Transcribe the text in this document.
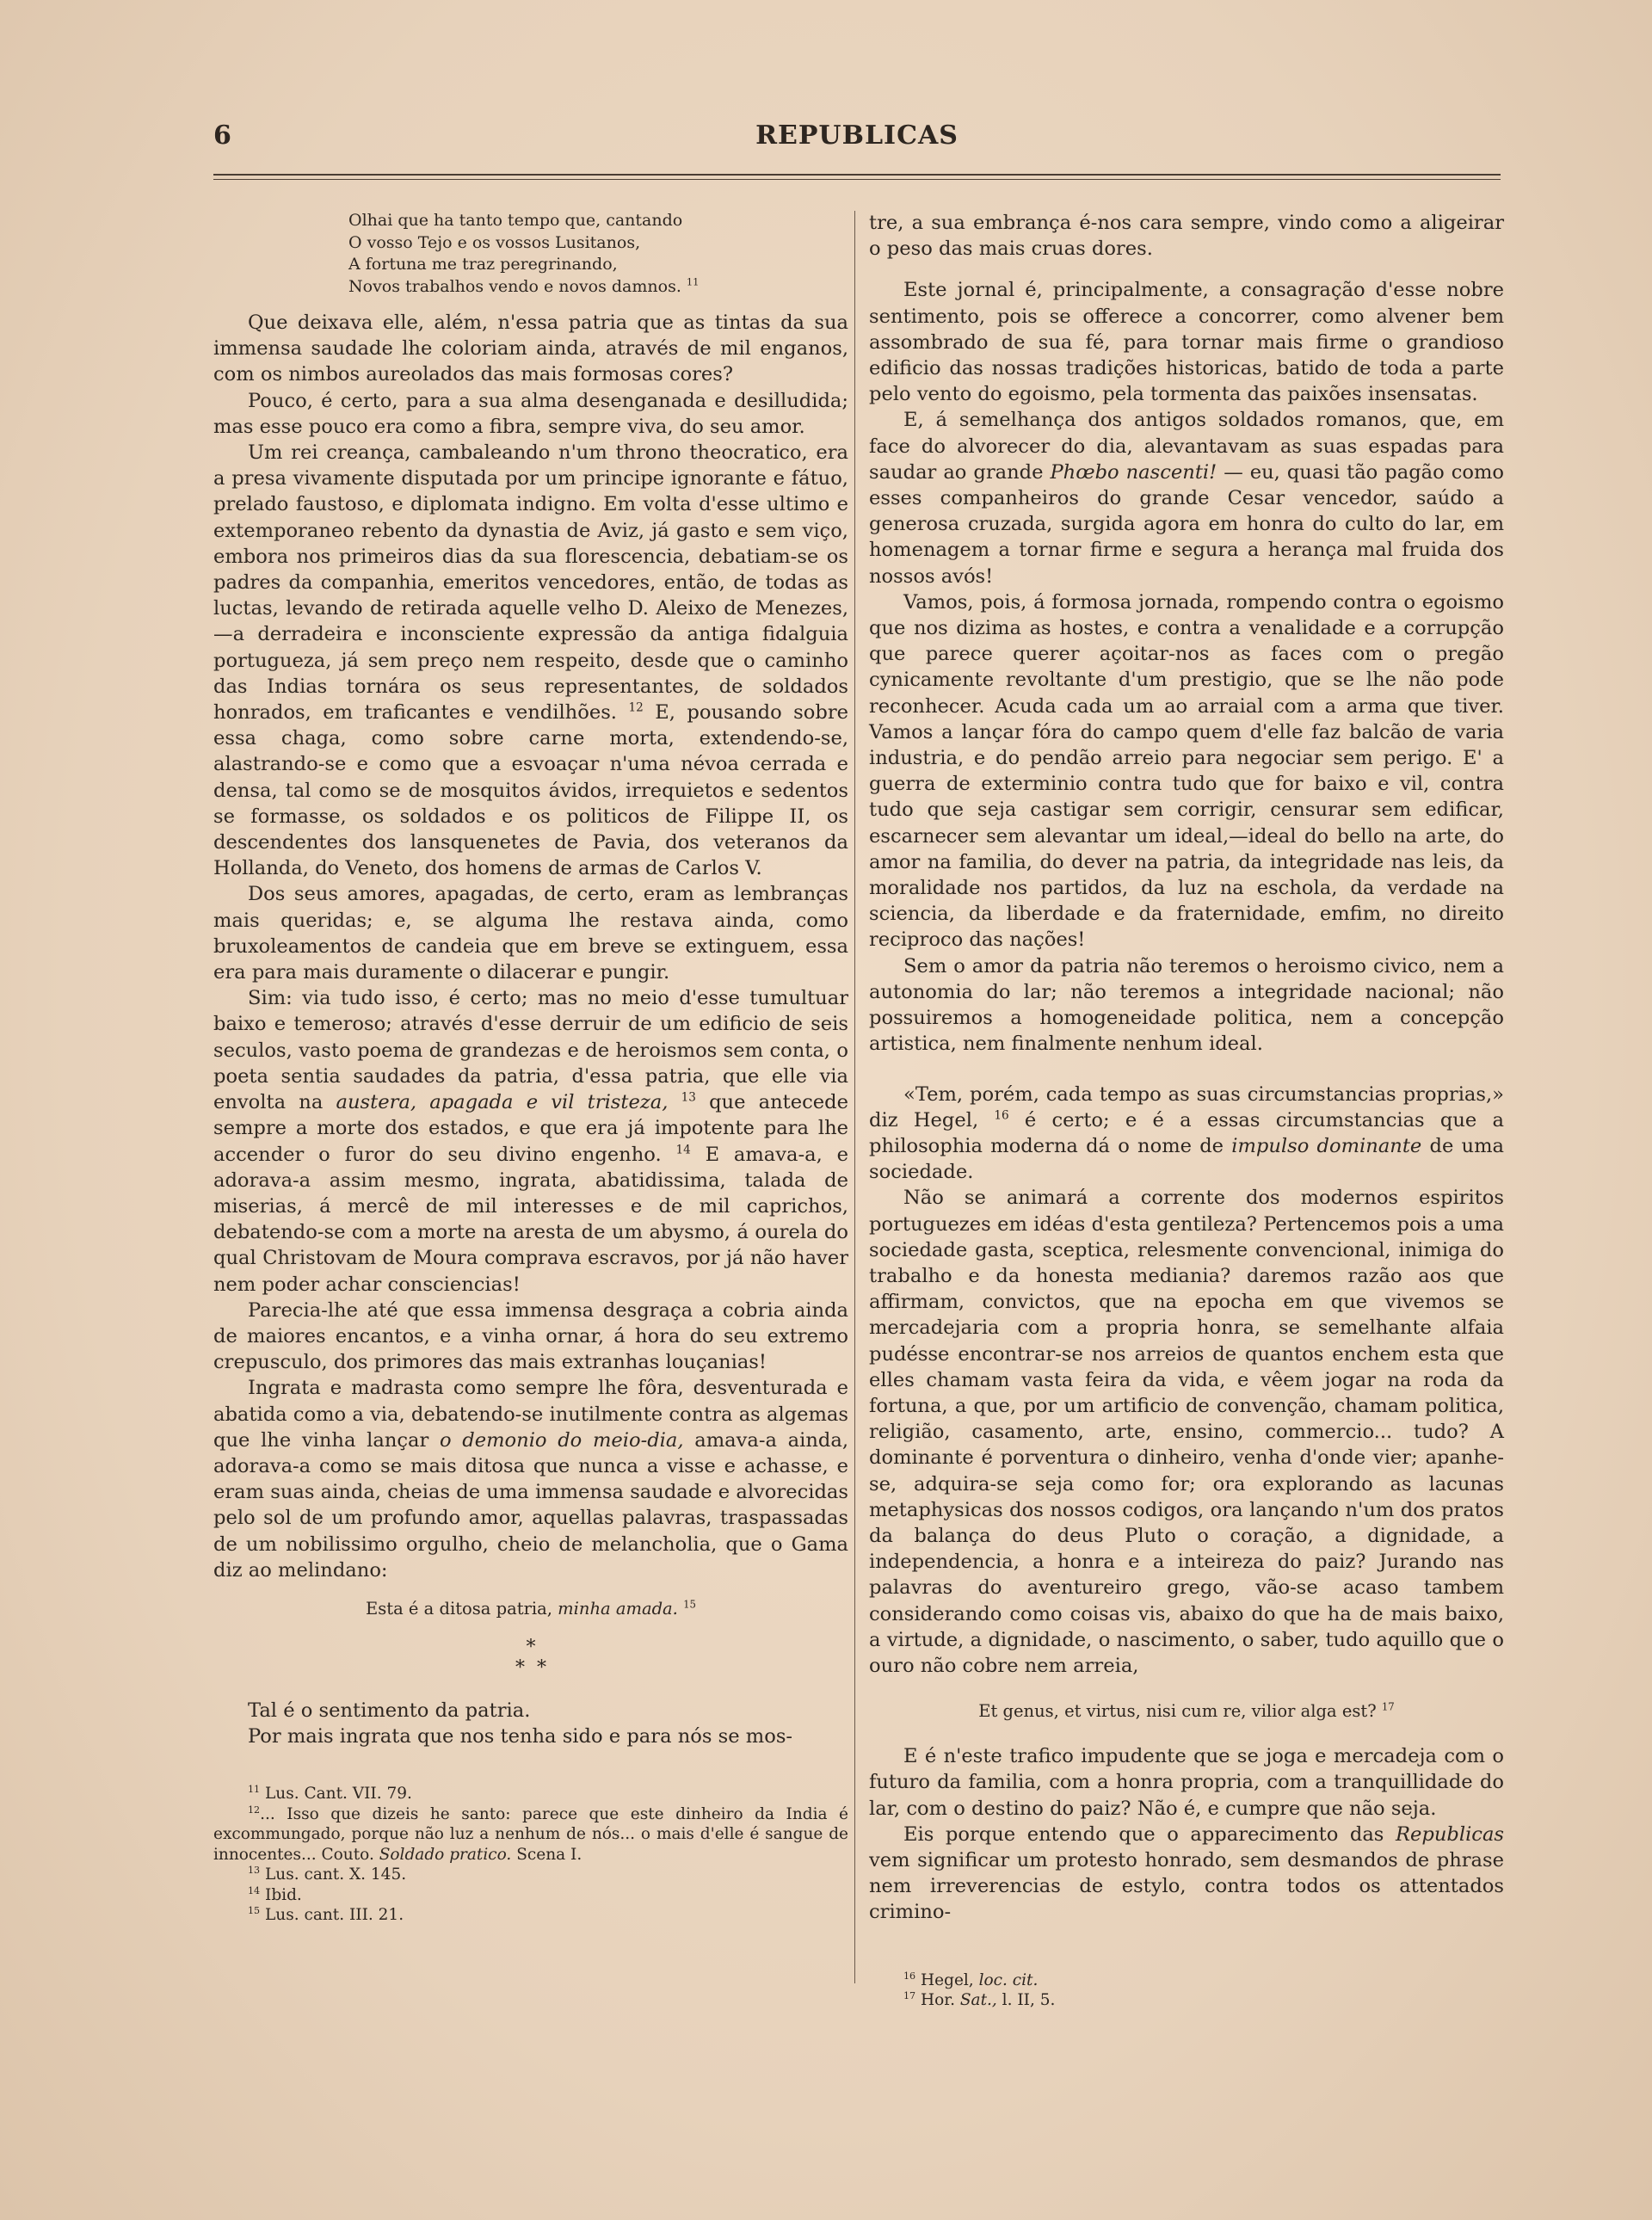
6	REPUBLICAS
Olhai que ha tanto tempo que, cantando
O vosso Tejo e os vossos Lusitanos,
A fortuna me traz peregrinando,
Novos trabalhos vendo e novos damnos. $^{11}$

Que deixava elle, além, n'essa patria que as tintas da sua immensa saudade lhe coloriam ainda, através de mil enganos, com os nimbos aureolados das mais formosas cores?

Pouco, é certo, para a sua alma desenganada e desilludida; mas esse pouco era como a fibra, sempre viva, do seu amor.

Um rei creança, cambaleando n'um throno theocratico, era a presa vivamente disputada por um principe ignorante e fátuo, prelado faustoso, e diplomata indigno. Em volta d'esse ultimo e extemporaneo rebento da dynastia de Aviz, já gasto e sem viço, embora nos primeiros dias da sua florescencia, debatiam-se os padres da companhia, emeritos vencedores, então, de todas as luctas, levando de retirada aquelle velho D. Aleixo de Menezes,—a derradeira e inconsciente expressão da antiga fidalguia portugueza, já sem preço nem respeito, desde que o caminho das Indias tornára os seus representantes, de soldados honrados, em traficantes e vendilhões. $^{12}$ E, pousando sobre essa chaga, como sobre carne morta, extendendo-se, alastrando-se e como que a esvoaçar n'uma névoa cerrada e densa, tal como se de mosquitos ávidos, irrequietos e sedentos se formasse, os soldados e os politicos de Filippe II, os descendentes dos lansquenetes de Pavia, dos veteranos da Hollanda, do Veneto, dos homens de armas de Carlos V.

Dos seus amores, apagadas, de certo, eram as lembranças mais queridas; e, se alguma lhe restava ainda, como bruxoleamentos de candeia que em breve se extinguem, essa era para mais duramente o dilacerar e pungir.

Sim: via tudo isso, é certo; mas no meio d'esse tumultuar baixo e temeroso; através d'esse derruir de um edificio de seis seculos, vasto poema de grandezas e de heroismos sem conta, o poeta sentia saudades da patria, d'essa patria, que elle via envolta na austera, apagada e vil tristeza, $^{13}$ que antecede sempre a morte dos estados, e que era já impotente para lhe accender o furor do seu divino engenho. $^{14}$ E amava-a, e adorava-a assim mesmo, ingrata, abatidissima, talada de miserias, á mercê de mil interesses e de mil caprichos, debatendo-se com a morte na aresta de um abysmo, á ourela do qual Christovam de Moura comprava escravos, por já não haver nem poder achar consciencias!

Parecia-lhe até que essa immensa desgraça a cobria ainda de maiores encantos, e a vinha ornar, á hora do seu extremo crepusculo, dos primores das mais extranhas louçanias!

Ingrata e madrasta como sempre lhe fôra, desventurada e abatida como a via, debatendo-se inutilmente contra as algemas que lhe vinha lançar o demonio do meio-dia, amava-a ainda, adorava-a como se mais ditosa que nunca a visse e achasse, e eram suas ainda, cheias de uma immensa saudade e alvorecidas pelo sol de um profundo amor, aquellas palavras, traspassadas de um nobilissimo orgulho, cheio de melancholia, que o Gama diz ao melindano:

Esta é a ditosa patria, minha amada. $^{15}$
*
*  *

Tal é o sentimento da patria.

Por mais ingrata que nos tenha sido e para nós se mos-

$^{11}$ Lus. Cant. VII. 79.
$^{12}$... Isso que dizeis he santo: parece que este dinheiro da India é excommungado, porque não luz a nenhum de nós... o mais d'elle é sangue de innocentes... Couto. Soldado pratico. Scena I.
$^{13}$ Lus. cant. X. 145.
$^{14}$ Ibid.
$^{15}$ Lus. cant. III. 21.

tre, a sua embrança é-nos cara sempre, vindo como a aligeirar o peso das mais cruas dores.

Este jornal é, principalmente, a consagração d'esse nobre sentimento, pois se offerece a concorrer, como alvener bem assombrado de sua fé, para tornar mais firme o grandioso edificio das nossas tradições historicas, batido de toda a parte pelo vento do egoismo, pela tormenta das paixões insensatas.

E, á semelhança dos antigos soldados romanos, que, em face do alvorecer do dia, alevantavam as suas espadas para saudar ao grande Phœbo nascenti! — eu, quasi tão pagão como esses companheiros do grande Cesar vencedor, saúdo a generosa cruzada, surgida agora em honra do culto do lar, em homenagem a tornar firme e segura a herança mal fruida dos nossos avós!

Vamos, pois, á formosa jornada, rompendo contra o egoismo que nos dizima as hostes, e contra a venalidade e a corrupção que parece querer açoitar-nos as faces com o pregão cynicamente revoltante d'um prestigio, que se lhe não pode reconhecer. Acuda cada um ao arraial com a arma que tiver. Vamos a lançar fóra do campo quem d'elle faz balcão de varia industria, e do pendão arreio para negociar sem perigo. E' a guerra de exterminio contra tudo que for baixo e vil, contra tudo que seja castigar sem corrigir, censurar sem edificar, escarnecer sem alevantar um ideal,—ideal do bello na arte, do amor na familia, do dever na patria, da integridade nas leis, da moralidade nos partidos, da luz na eschola, da verdade na sciencia, da liberdade e da fraternidade, emfim, no direito reciproco das nações!

Sem o amor da patria não teremos o heroismo civico, nem a autonomia do lar; não teremos a integridade nacional; não possuiremos a homogeneidade politica, nem a concepção artistica, nem finalmente nenhum ideal.

«Tem, porém, cada tempo as suas circumstancias proprias,» diz Hegel, $^{16}$ é certo; e é a essas circumstancias que a philosophia moderna dá o nome de impulso dominante de uma sociedade.

Não se animará a corrente dos modernos espiritos portuguezes em idéas d'esta gentileza? Pertencemos pois a uma sociedade gasta, sceptica, relesmente convencional, inimiga do trabalho e da honesta mediania? daremos razão aos que affirmam, convictos, que na epocha em que vivemos se mercadejaria com a propria honra, se semelhante alfaia pudésse encontrar-se nos arreios de quantos enchem esta que elles chamam vasta feira da vida, e vêem jogar na roda da fortuna, a que, por um artificio de convenção, chamam politica, religião, casamento, arte, ensino, commercio... tudo? A dominante é porventura o dinheiro, venha d'onde vier; apanhe-se, adquira-se seja como for; ora explorando as lacunas metaphysicas dos nossos codigos, ora lançando n'um dos pratos da balança do deus Pluto o coração, a dignidade, a independencia, a honra e a inteireza do paiz? Jurando nas palavras do aventureiro grego, vão-se acaso tambem considerando como coisas vis, abaixo do que ha de mais baixo, a virtude, a dignidade, o nascimento, o saber, tudo aquillo que o ouro não cobre nem arreia,

Et genus, et virtus, nisi cum re, vilior alga est? $^{17}$

E é n'este trafico impudente que se joga e mercadeja com o futuro da familia, com a honra propria, com a tranquillidade do lar, com o destino do paiz? Não é, e cumpre que não seja.

Eis porque entendo que o apparecimento das Republicas vem significar um protesto honrado, sem desmandos de phrase nem irreverencias de estylo, contra todos os attentados crimino-

$^{16}$ Hegel, loc. cit.
$^{17}$ Hor. Sat., l. II, 5.
